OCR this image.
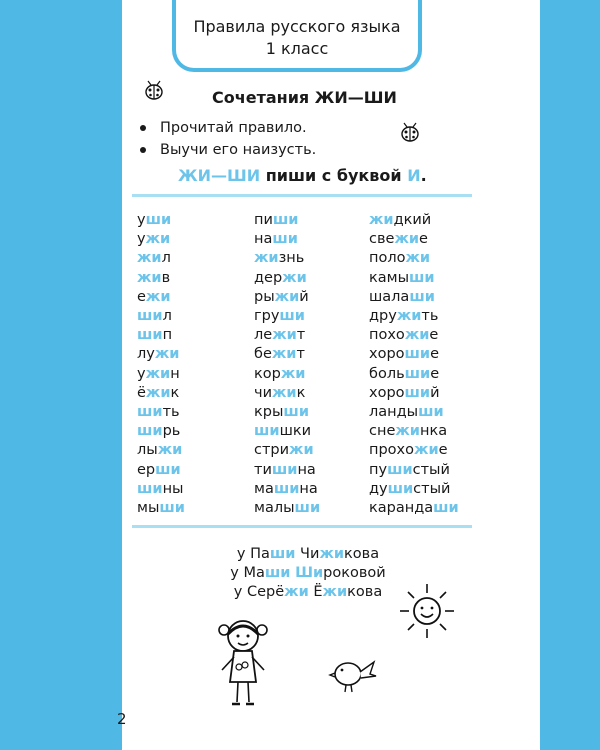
Правила русского языка
1 класс
Сочетания ЖИ—ШИ
Прочитай правило.
Выучи его наизусть.
ЖИ—ШИ пиши с буквой И.
уши
ужи
жил
жив
ежи
шил
шип
лужи
ужин
ёжик
шить
ширь
лыжи
ерши
шины
мыши
пиши
наши
жизнь
держи
рыжий
груши
лежит
бежит
коржи
чижик
крыши
шишки
стрижи
тишина
машина
малыши
жидкий
свежие
положи
камыши
шалаши
дружить
похожие
хорошие
большие
хороший
ландыши
снежинка
прохожие
пушистый
душистый
карандаши
у Паши Чижикова
у Маши Широковой
у Серёжи Ёжикова
2
